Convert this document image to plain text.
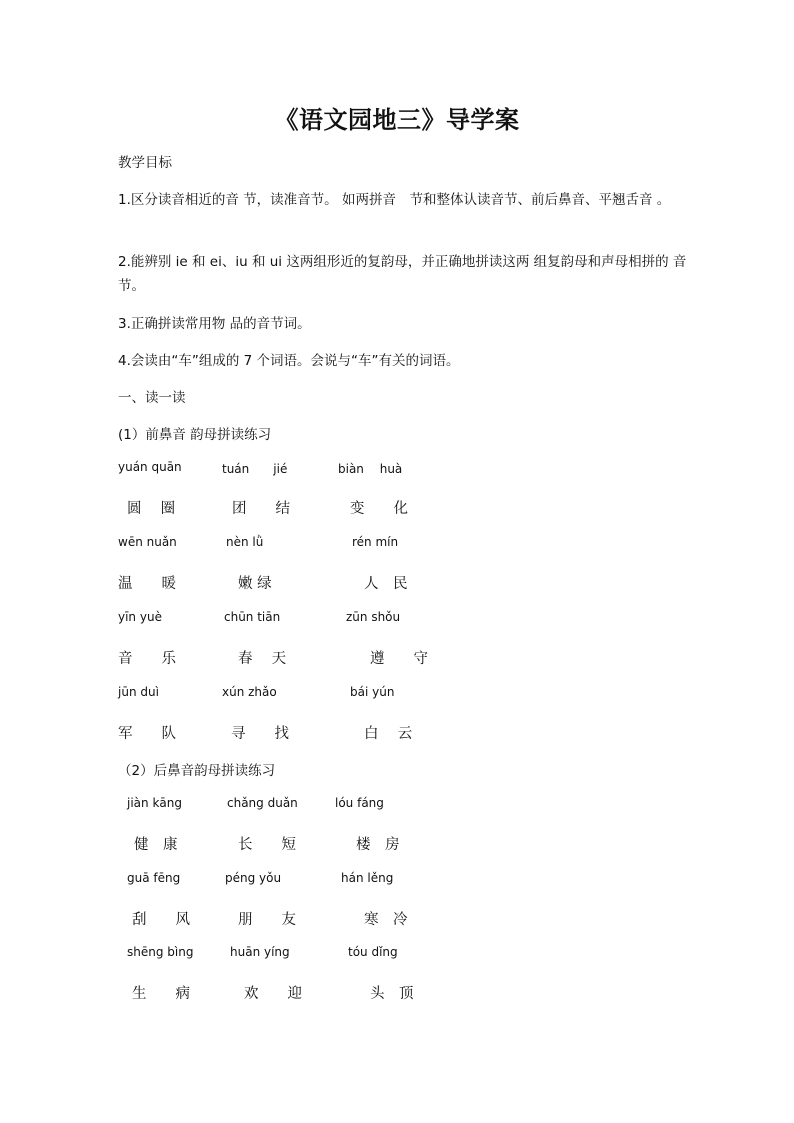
《语文园地三》导学案
教学目标
1.区分读音相近的音 节，读准音节。 如两拼音　节和整体认读音节、前后鼻音、平翘舌音 。
2.能辨别 ie 和 ei、iu 和 ui 这两组形近的复韵母，并正确地拼读这两 组复韵母和声母相拼的 音节。
3.正确拼读常用物 品的音节词。
4.会读由“车”组成的 7 个词语。会说与“车”有关的词语。
一、读一读
(1）前鼻音 韵母拼读练习
yuán quān	tuán　　jié	biàn　 huà
圆　 圈	团　　结	变　　化
wēn nuǎn	nèn lǜ	rén mín
温　　暖	嫩 绿	人　民
yīn yuè	chūn tiān	zūn shǒu
音　　乐	春　 天	遵　　守
jūn duì	xún zhǎo	bái yún
军　　队	寻　　找	白　 云
（2）后鼻音韵母拼读练习
jiàn kāng	chǎng duǎn	lóu fáng
健　康	长　　短	楼　房
guā fēng	péng yǒu	hán lěng
刮　　风	朋　　友	寒　冷
shēng bìng	huān yíng	tóu dǐng
生　　病	欢　　迎	头　顶
